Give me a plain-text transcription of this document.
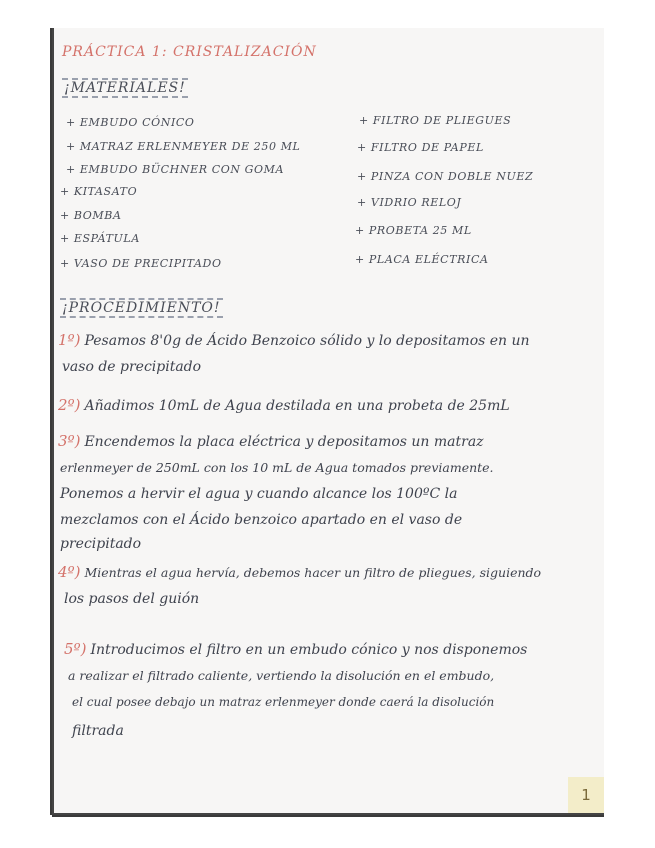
PRÁCTICA 1: CRISTALIZACIÓN
¡MATERIALES!
+ EMBUDO CÓNICO
+ MATRAZ ERLENMEYER DE 250 ML
+ EMBUDO BÜCHNER CON GOMA
+ KITASATO
+ BOMBA
+ ESPÁTULA
+ VASO DE PRECIPITADO
+ FILTRO DE PLIEGUES
+ FILTRO DE PAPEL
+ PINZA CON DOBLE NUEZ
+ VIDRIO RELOJ
+ PROBETA 25 ML
+ PLACA ELÉCTRICA
¡PROCEDIMIENTO!
1º) Pesamos 8'0g de Ácido Benzoico sólido y lo depositamos en un
vaso de precipitado
2º) Añadimos 10mL de Agua destilada en una probeta de 25mL
3º) Encendemos la placa eléctrica y depositamos un matraz
erlenmeyer de 250mL con los 10 mL de Agua tomados previamente.
Ponemos a hervir el agua y cuando alcance los 100ºC la
mezclamos con el Ácido benzoico apartado en el vaso de
precipitado
4º) Mientras el agua hervía, debemos hacer un filtro de pliegues, siguiendo
los pasos del guión
5º) Introducimos el filtro en un embudo cónico y nos disponemos
a realizar el filtrado caliente, vertiendo la disolución en el embudo,
el cual posee debajo un matraz erlenmeyer donde caerá la disolución
filtrada
1
